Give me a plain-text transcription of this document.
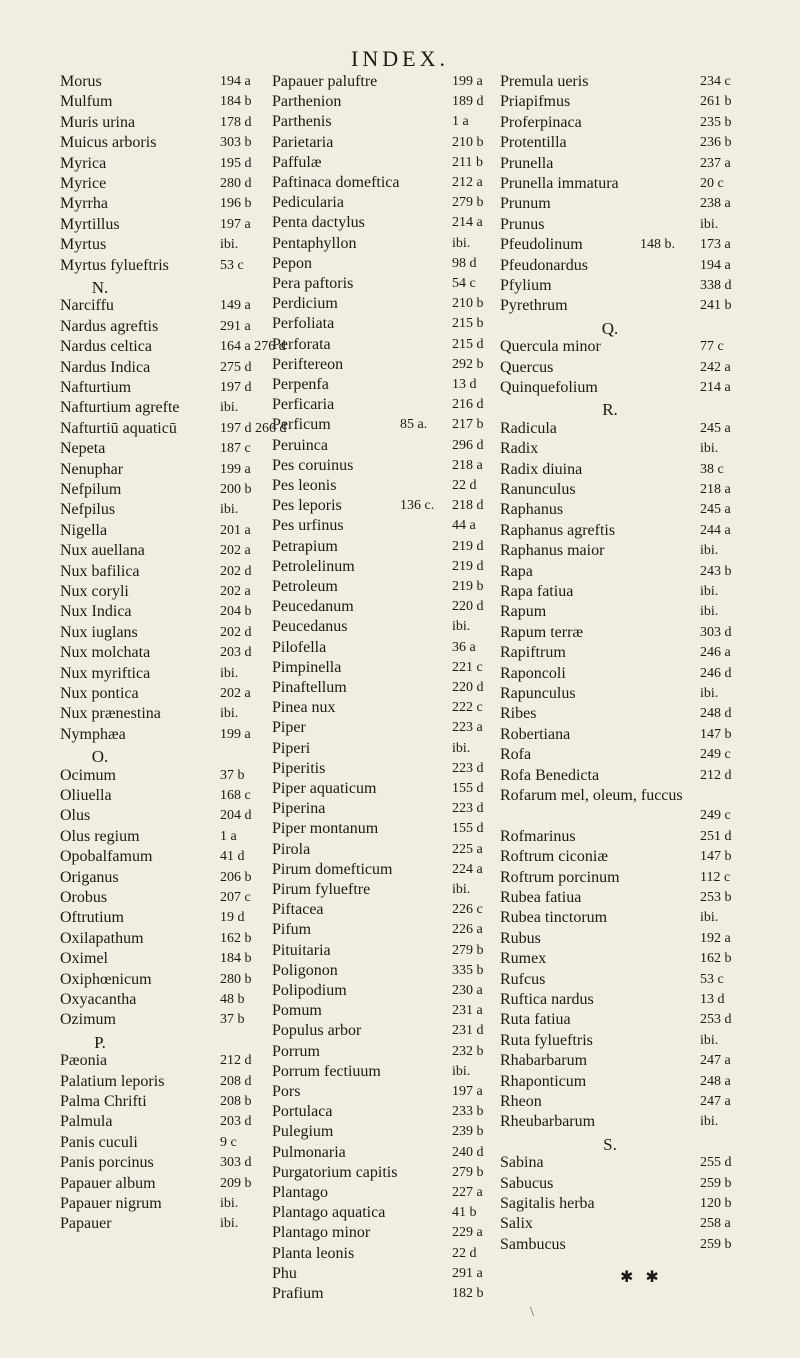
INDEX.
Morus	194 a
Mulfum	184 b
Muris urina	178 d
Muicus arboris	303 b
Myrica	195 d
Myrice	280 d
Myrrha	196 b
Myrtillus	197 a
Myrtus	ibi.
Myrtus fylueftris	53 c
N.
Narciffu	149 a
Nardus agreftis	291 a
Nardus celtica	164 a 276 d
Nardus Indica	275 d
Nafturtium	197 d
Nafturtium agrefte	ibi.
Nafturtiū aquaticū	197 d 266 d
Nepeta	187 c
Nenuphar	199 a
Nefpilum	200 b
Nefpilus	ibi.
Nigella	201 a
Nux auellana	202 a
Nux bafilica	202 d
Nux coryli	202 a
Nux Indica	204 b
Nux iuglans	202 d
Nux molchata	203 d
Nux myriftica	ibi.
Nux pontica	202 a
Nux prænestina	ibi.
Nymphæa	199 a
O.
Ocimum	37 b
Oliuella	168 c
Olus	204 d
Olus regium	1 a
Opobalfamum	41 d
Origanus	206 b
Orobus	207 c
Oftrutium	19 d
Oxilapathum	162 b
Oximel	184 b
Oxiphœnicum	280 b
Oxyacantha	48 b
Ozimum	37 b
P.
Pæonia	212 d
Palatium leporis	208 d
Palma Chrifti	208 b
Palmula	203 d
Panis cuculi	9 c
Panis porcinus	303 d
Papauer album	209 b
Papauer nigrum	ibi.
Papauer	ibi.
Papauer paluftre	199 a
Parthenion	189 d
Parthenis	1 a
Parietaria	210 b
Paffulæ	211 b
Paftinaca domeftica	212 a
Pedicularia	279 b
Penta dactylus	214 a
Pentaphyllon	ibi.
Pepon	98 d
Pera paftoris	54 c
Perdicium	210 b
Perfoliata	215 b
Perforata	215 d
Periftereon	292 b
Perpenfa	13 d
Perficaria	216 d
Perficum	85 a. 217 b
Peruinca	296 d
Pes coruinus	218 a
Pes leonis	22 d
Pes leporis	136 c. 218 d
Pes urfinus	44 a
Petrapium	219 d
Petrolelinum	219 d
Petroleum	219 b
Peucedanum	220 d
Peucedanus	ibi.
Pilofella	36 a
Pimpinella	221 c
Pinaftellum	220 d
Pinea nux	222 c
Piper	223 a
Piperi	ibi.
Piperitis	223 d
Piper aquaticum	155 d
Piperina	223 d
Piper montanum	155 d
Pirola	225 a
Pirum domefticum	224 a
Pirum fylueftre	ibi.
Piftacea	226 c
Pifum	226 a
Pituitaria	279 b
Poligonon	335 b
Polipodium	230 a
Pomum	231 a
Populus arbor	231 d
Porrum	232 b
Porrum fectiuum	ibi.
Pors	197 a
Portulaca	233 b
Pulegium	239 b
Pulmonaria	240 d
Purgatorium capitis	279 b
Plantago	227 a
Plantago aquatica	41 b
Plantago minor	229 a
Planta leonis	22 d
Phu	291 a
Prafium	182 b
Premula ueris	234 c
Priapifmus	261 b
Proferpinaca	235 b
Protentilla	236 b
Prunella	237 a
Prunella immatura	20 c
Prunum	238 a
Prunus	ibi.
Pfeudolinum	148 b. 173 a
Pfeudonardus	194 a
Pfylium	338 d
Pyrethrum	241 b
Q.
Quercula minor	77 c
Quercus	242 a
Quinquefolium	214 a
R.
Radicula	245 a
Radix	ibi.
Radix diuina	38 c
Ranunculus	218 a
Raphanus	245 a
Raphanus agreftis	244 a
Raphanus maior	ibi.
Rapa	243 b
Rapa fatiua	ibi.
Rapum	ibi.
Rapum terræ	303 d
Rapiftrum	246 a
Raponcoli	246 d
Rapunculus	ibi.
Ribes	248 d
Robertiana	147 b
Rofa	249 c
Rofa Benedicta	212 d
Rofarum mel, oleum, fuccus
249 c
Rofmarinus	251 d
Roftrum ciconiæ	147 b
Roftrum porcinum	112 c
Rubea fatiua	253 b
Rubea tinctorum	ibi.
Rubus	192 a
Rumex	162 b
Rufcus	53 c
Ruftica nardus	13 d
Ruta fatiua	253 d
Ruta fylueftris	ibi.
Rhabarbarum	247 a
Rhaponticum	248 a
Rheon	247 a
Rheubarbarum	ibi.
S.
Sabina	255 d
Sabucus	259 b
Sagitalis herba	120 b
Salix	258 a
Sambucus	259 b
✱ ✱
\
